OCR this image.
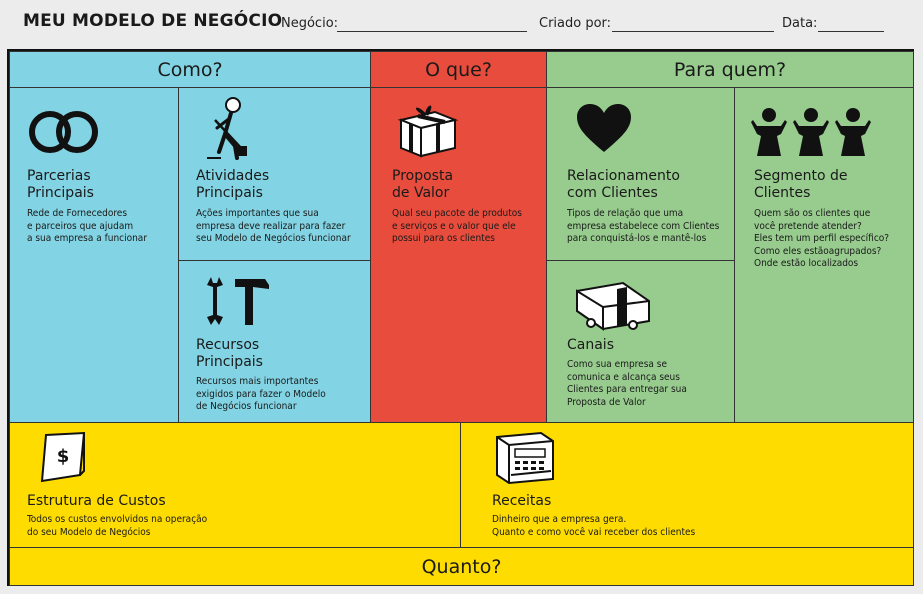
MEU MODELO DE NEGÓCIO
Negócio:	Criado por:	Data:
Como?	O que?	Para quem?
Parcerias
Principais
Rede de Fornecedores
e parceiros que ajudam
a sua empresa a funcionar
Atividades
Principais
Ações importantes que sua
empresa deve realizar para fazer
seu Modelo de Negócios funcionar
Recursos
Principais
Recursos mais importantes
exigidos para fazer o Modelo
de Negócios funcionar
Proposta
de Valor
Qual seu pacote de produtos
e serviços e o valor que ele
possui para os clientes
Relacionamento
com Clientes
Tipos de relação que uma
empresa estabelece com Clientes
para conquistá-los e mantê-los
Canais
Como sua empresa se
comunica e alcança seus
Clientes para entregar sua
Proposta de Valor
Segmento de
Clientes
Quem são os clientes que
você pretende atender?
Eles tem um perfil específico?
Como eles estãoagrupados?
Onde estão localizados
$
Estrutura de Custos
Todos os custos envolvidos na operação
do seu Modelo de Negócios
Receitas
Dinheiro que a empresa gera.
Quanto e como você vai receber dos clientes
Quanto?
